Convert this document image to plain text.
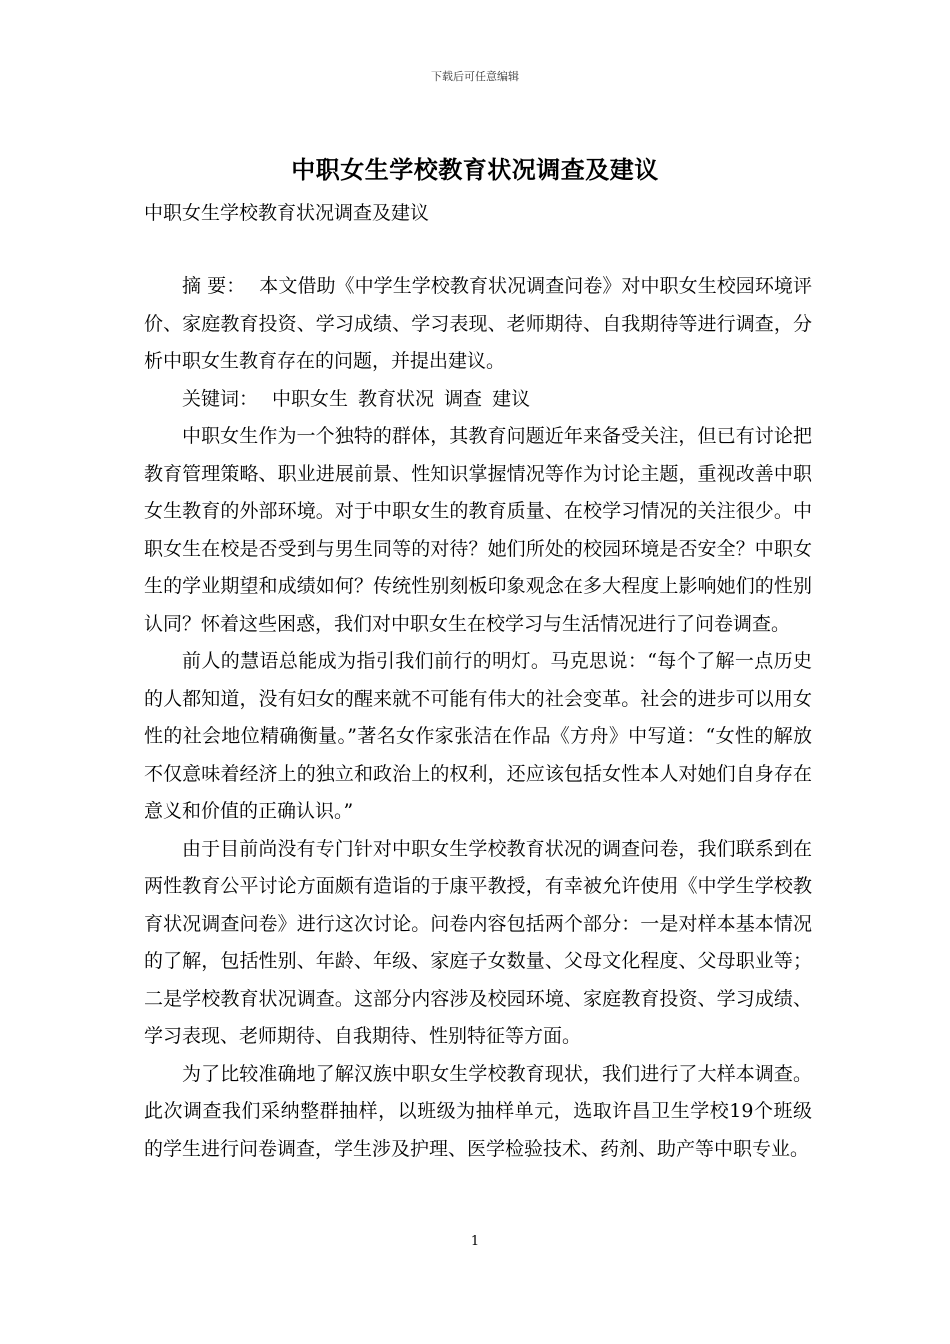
下载后可任意编辑
中职女生学校教育状况调查及建议
中职女生学校教育状况调查及建议

摘 要： 本文借助《中学生学校教育状况调查问卷》对中职女生校园环境评价、家庭教育投资、学习成绩、学习表现、老师期待、自我期待等进行调查，分析中职女生教育存在的问题，并提出建议。

关键词： 中职女生 教育状况 调查 建议

中职女生作为一个独特的群体，其教育问题近年来备受关注，但已有讨论把教育管理策略、职业进展前景、性知识掌握情况等作为讨论主题，重视改善中职女生教育的外部环境。对于中职女生的教育质量、在校学习情况的关注很少。中职女生在校是否受到与男生同等的对待？她们所处的校园环境是否安全？中职女生的学业期望和成绩如何？传统性别刻板印象观念在多大程度上影响她们的性别认同？怀着这些困惑，我们对中职女生在校学习与生活情况进行了问卷调查。

前人的慧语总能成为指引我们前行的明灯。马克思说：“每个了解一点历史的人都知道，没有妇女的醒来就不可能有伟大的社会变革。社会的进步可以用女性的社会地位精确衡量。”著名女作家张洁在作品《方舟》中写道：“女性的解放不仅意味着经济上的独立和政治上的权利，还应该包括女性本人对她们自身存在意义和价值的正确认识。”

由于目前尚没有专门针对中职女生学校教育状况的调查问卷，我们联系到在两性教育公平讨论方面颇有造诣的于康平教授，有幸被允许使用《中学生学校教育状况调查问卷》进行这次讨论。问卷内容包括两个部分：一是对样本基本情况的了解，包括性别、年龄、年级、家庭子女数量、父母文化程度、父母职业等；二是学校教育状况调查。这部分内容涉及校园环境、家庭教育投资、学习成绩、学习表现、老师期待、自我期待、性别特征等方面。

为了比较准确地了解汉族中职女生学校教育现状，我们进行了大样本调查。此次调查我们采纳整群抽样，以班级为抽样单元，选取许昌卫生学校19个班级的学生进行问卷调查，学生涉及护理、医学检验技术、药剂、助产等中职专业。

1
